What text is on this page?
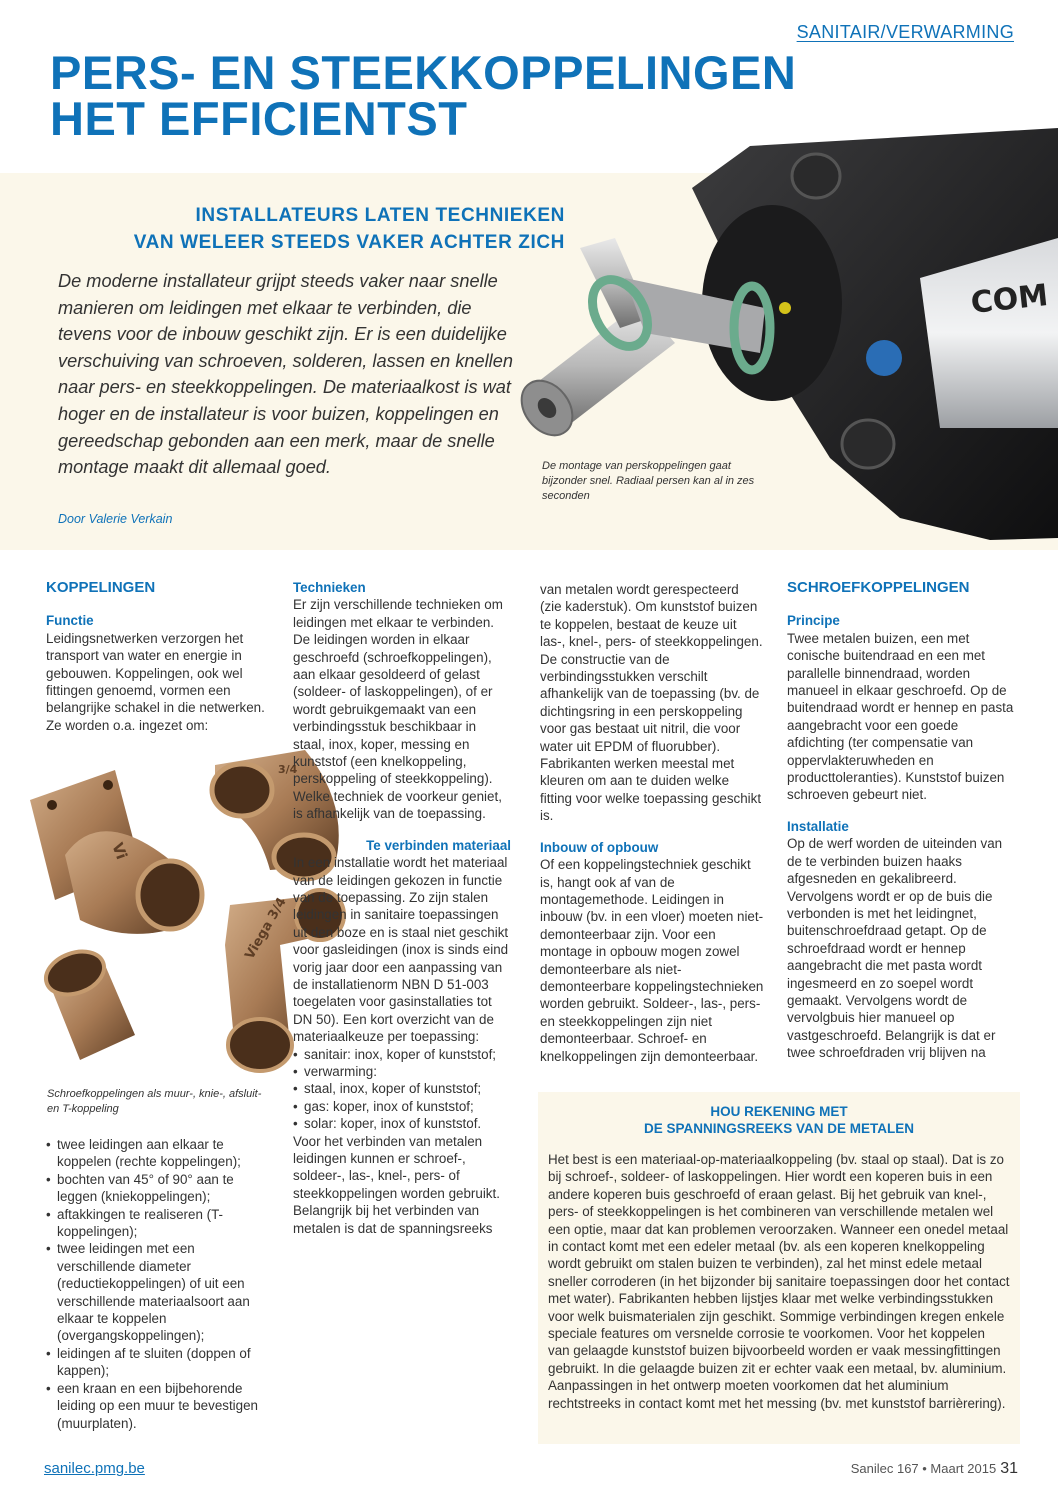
SANITAIR/VERWARMING
PERS- EN STEEKKOPPELINGEN
HET EFFICIENTST
COM
INSTALLATEURS LATEN TECHNIEKEN
VAN WELEER STEEDS VAKER ACHTER ZICH
De moderne installateur grijpt steeds vaker naar snelle manieren om leidingen met elkaar te verbinden, die tevens voor de inbouw geschikt zijn. Er is een duidelijke verschuiving van schroeven, solderen, lassen en knellen naar pers- en steekkoppelingen. De materiaalkost is wat hoger en de installateur is voor buizen, koppelingen en gereedschap gebonden aan een merk, maar de snelle montage maakt dit allemaal goed.
Door Valerie Verkain
De montage van perskoppelingen gaat bijzonder snel. Radiaal persen kan al in zes seconden

KOPPELINGEN

Functie

Leidingsnetwerken verzorgen het transport van water en energie in gebouwen. Koppelingen, ook wel fittingen genoemd, vormen een belangrijke schakel in die netwerken. Ze worden o.a. ingezet om:

Vi
3/4
Viega 3/4
Schroefkoppelingen als muur-, knie-, afsluit- en T-koppeling
• twee leidingen aan elkaar te koppelen (rechte koppelingen);
• bochten van 45° of 90° aan te leggen (kniekoppelingen);
• aftakkingen te realiseren (T-koppelingen);
• twee leidingen met een verschillende diameter (reductiekoppelingen) of uit een verschillende materiaalsoort aan elkaar te koppelen (overgangskoppelingen);
• leidingen af te sluiten (doppen of kappen);
• een kraan en een bijbehorende leiding op een muur te bevestigen (muurplaten).

Technieken

Er zijn verschillende technieken om leidingen met elkaar te verbinden. De leidingen worden in elkaar geschroefd (schroefkoppelingen), aan elkaar gesoldeerd of gelast (soldeer- of laskoppelingen), of er wordt gebruikgemaakt van een verbindingsstuk beschikbaar in staal, inox, koper, messing en kunststof (een knelkoppeling, perskoppeling of steekkoppeling). Welke techniek de voorkeur geniet, is afhankelijk van de toepassing.

Te verbinden materiaal

In een installatie wordt het materiaal van de leidingen gekozen in functie van de toepassing. Zo zijn stalen leidingen in sanitaire toepassingen uit den boze en is staal niet geschikt voor gasleidingen (inox is sinds eind vorig jaar door een aanpassing van de installatienorm NBN D 51-003 toegelaten voor gasinstallaties tot DN 50). Een kort overzicht van de materiaalkeuze per toepassing:

• sanitair: inox, koper of kunststof;
• verwarming:
• staal, inox, koper of kunststof;
• gas: koper, inox of kunststof;
• solar: koper, inox of kunststof.

Voor het verbinden van metalen leidingen kunnen er schroef-, soldeer-, las-, knel-, pers- of steekkoppelingen worden gebruikt. Belangrijk bij het verbinden van metalen is dat de spanningsreeks

van metalen wordt gerespecteerd (zie kaderstuk). Om kunststof buizen te koppelen, bestaat de keuze uit las-, knel-, pers- of steekkoppelingen. De constructie van de verbindingsstukken verschilt afhankelijk van de toepassing (bv. de dichtingsring in een perskoppeling voor gas bestaat uit nitril, die voor water uit EPDM of fluorubber). Fabrikanten werken meestal met kleuren om aan te duiden welke fitting voor welke toepassing geschikt is.

Inbouw of opbouw

Of een koppelingstechniek geschikt is, hangt ook af van de montagemethode. Leidingen in inbouw (bv. in een vloer) moeten niet-demonteerbaar zijn. Voor een montage in opbouw mogen zowel demonteerbare als niet-demonteerbare koppelingstechnieken worden gebruikt. Soldeer-, las-, pers- en steekkoppelingen zijn niet demonteerbaar. Schroef- en knelkoppelingen zijn demonteerbaar.

SCHROEFKOPPELINGEN

Principe

Twee metalen buizen, een met conische buitendraad en een met parallelle binnendraad, worden manueel in elkaar geschroefd. Op de buitendraad wordt er hennep en pasta aangebracht voor een goede afdichting (ter compensatie van oppervlakteruwheden en producttoleranties). Kunststof buizen schroeven gebeurt niet.

Installatie

Op de werf worden de uiteinden van de te verbinden buizen haaks afgesneden en gekalibreerd. Vervolgens wordt er op de buis die verbonden is met het leidingnet, buitenschroefdraad getapt. Op de schroefdraad wordt er hennep aangebracht die met pasta wordt ingesmeerd en zo soepel wordt gemaakt. Vervolgens wordt de vervolgbuis hier manueel op vastgeschroefd. Belangrijk is dat er twee schroefdraden vrij blijven na

HOU REKENING MET
DE SPANNINGSREEKS VAN DE METALEN
Het best is een materiaal-op-materiaalkoppeling (bv. staal op staal). Dat is zo bij schroef-, soldeer- of laskoppelingen. Hier wordt een koperen buis in een andere koperen buis geschroefd of eraan gelast. Bij het gebruik van knel-, pers- of steekkoppelingen is het combineren van verschillende metalen wel een optie, maar dat kan problemen veroorzaken. Wanneer een onedel metaal in contact komt met een edeler metaal (bv. als een koperen knelkoppeling wordt gebruikt om stalen buizen te verbinden), zal het minst edele metaal sneller corroderen (in het bijzonder bij sanitaire toepassingen door het contact met water). Fabrikanten hebben lijstjes klaar met welke verbindingsstukken voor welk buismaterialen zijn geschikt. Sommige verbindingen kregen enkele speciale features om versnelde corrosie te voorkomen. Voor het koppelen van gelaagde kunststof buizen bijvoorbeeld worden er vaak messingfittingen gebruikt. In die gelaagde buizen zit er echter vaak een metaal, bv. aluminium. Aanpassingen in het ontwerp moeten voorkomen dat het aluminium rechtstreeks in contact komt met het messing (bv. met kunststof barrièrering).
sanilec.pmg.be	Sanilec 167 • Maart 2015 31
